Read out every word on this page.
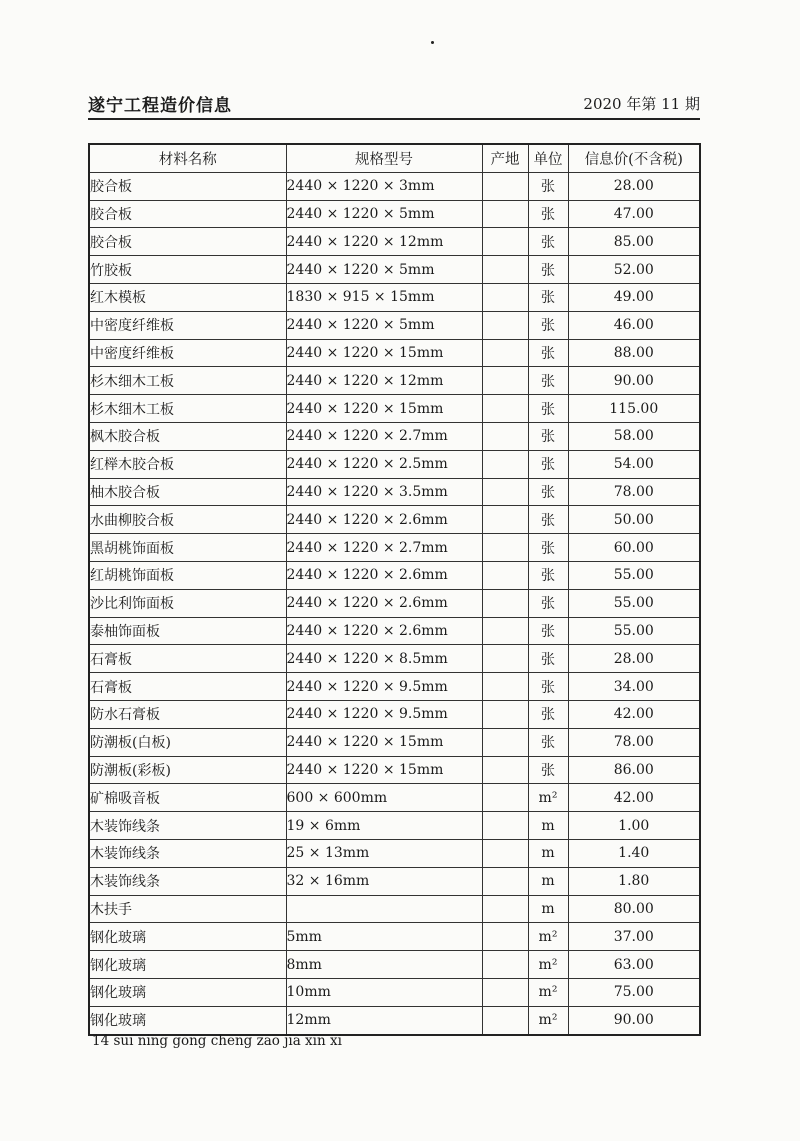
遂宁工程造价信息	2020 年第 11 期
材料名称	规格型号	产地	单位	信息价(不含税)
胶合板	2440 × 1220 × 3mm		张	28.00
胶合板	2440 × 1220 × 5mm		张	47.00
胶合板	2440 × 1220 × 12mm		张	85.00
竹胶板	2440 × 1220 × 5mm		张	52.00
红木模板	1830 × 915 × 15mm		张	49.00
中密度纤维板	2440 × 1220 × 5mm		张	46.00
中密度纤维板	2440 × 1220 × 15mm		张	88.00
杉木细木工板	2440 × 1220 × 12mm		张	90.00
杉木细木工板	2440 × 1220 × 15mm		张	115.00
枫木胶合板	2440 × 1220 × 2.7mm		张	58.00
红榉木胶合板	2440 × 1220 × 2.5mm		张	54.00
柚木胶合板	2440 × 1220 × 3.5mm		张	78.00
水曲柳胶合板	2440 × 1220 × 2.6mm		张	50.00
黑胡桃饰面板	2440 × 1220 × 2.7mm		张	60.00
红胡桃饰面板	2440 × 1220 × 2.6mm		张	55.00
沙比利饰面板	2440 × 1220 × 2.6mm		张	55.00
泰柚饰面板	2440 × 1220 × 2.6mm		张	55.00
石膏板	2440 × 1220 × 8.5mm		张	28.00
石膏板	2440 × 1220 × 9.5mm		张	34.00
防水石膏板	2440 × 1220 × 9.5mm		张	42.00
防潮板(白板)	2440 × 1220 × 15mm		张	78.00
防潮板(彩板)	2440 × 1220 × 15mm		张	86.00
矿棉吸音板	600 × 600mm		m²	42.00
木装饰线条	19 × 6mm		m	1.00
木装饰线条	25 × 13mm		m	1.40
木装饰线条	32 × 16mm		m	1.80
木扶手			m	80.00
钢化玻璃	5mm		m²	37.00
钢化玻璃	8mm		m²	63.00
钢化玻璃	10mm		m²	75.00
钢化玻璃	12mm		m²	90.00
14 sui ning gong cheng zao jia xin xi
